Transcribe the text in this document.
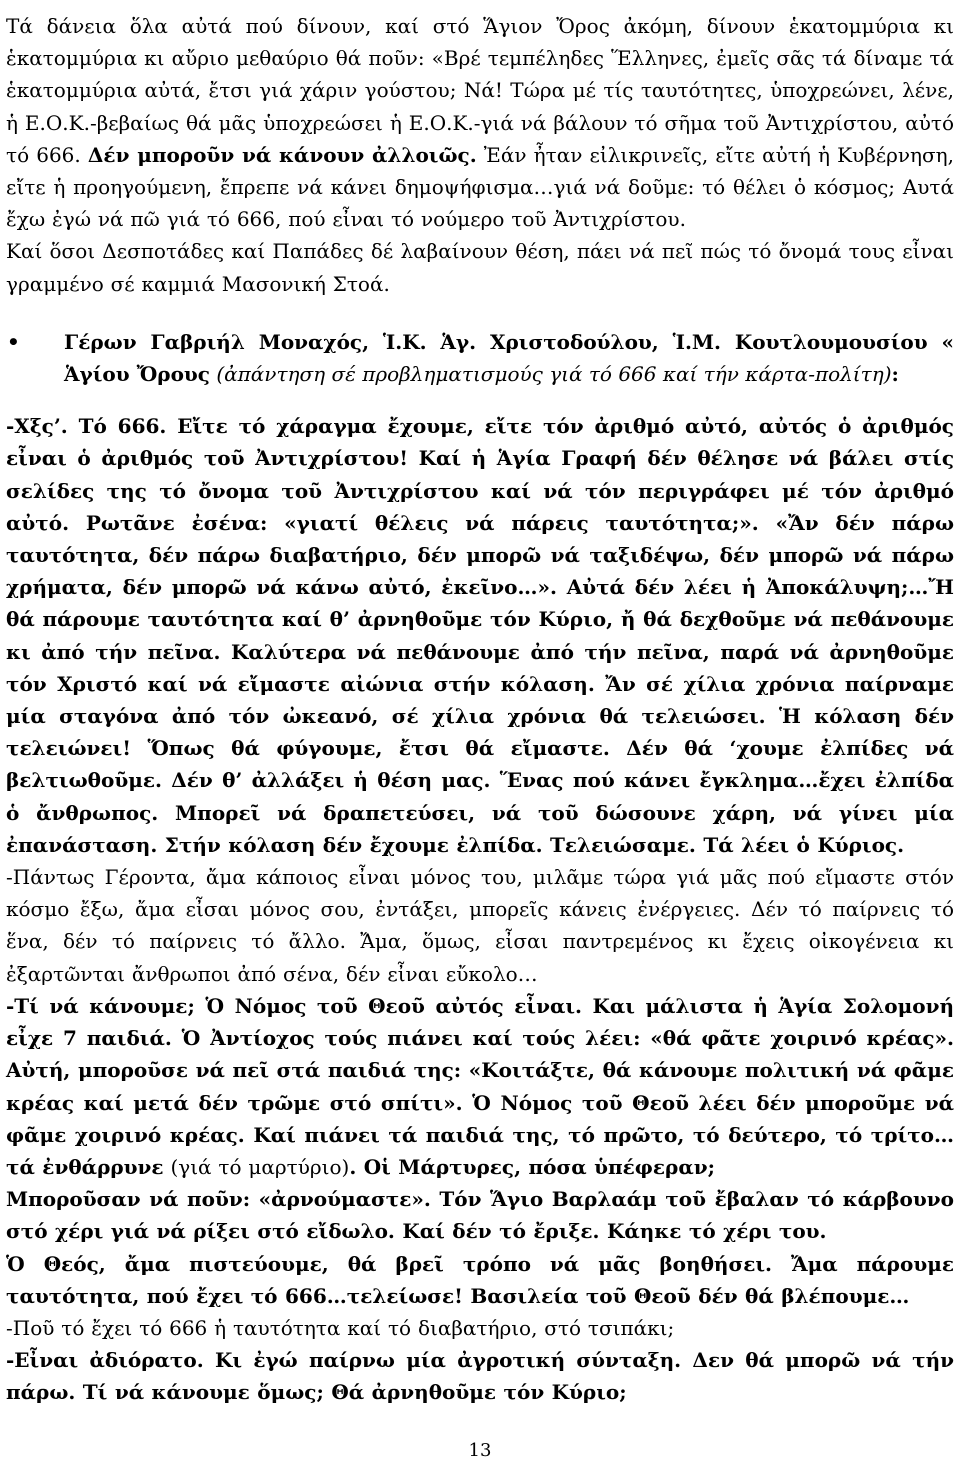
Τά δάνεια ὅλα αὐτά πού δίνουν, καί στό Ἅγιον Ὄρος ἀκόμη, δίνουν ἑκατομμύρια κι ἑκατομμύρια κι αὔριο μεθαύριο θά ποῦν: «Βρέ τεμπέληδες Ἕλληνες, ἐμεῖς σᾶς τά δίναμε τά ἑκατομμύρια αὐτά, ἔτσι γιά χάριν γούστου; Νά! Τώρα μέ τίς ταυτότητες, ὑποχρεώνει, λένε, ἡ Ε.Ο.Κ.-βεβαίως θά μᾶς ὑποχρεώσει ἡ Ε.Ο.Κ.-γιά νά βάλουν τό σῆμα τοῦ Ἀντιχρίστου, αὐτό τό 666. Δέν μποροῦν νά κάνουν ἀλλοιῶς. Ἐάν ἦταν εἰλικρινεῖς, εἴτε αὐτή ἡ Κυβέρνηση, εἴτε ἡ προηγούμενη, ἔπρεπε νά κάνει δημοψήφισμα…γιά νά δοῦμε: τό θέλει ὁ κόσμος; Αυτά ἔχω ἐγώ νά πῶ γιά τό 666, πού εἶναι τό νούμερο τοῦ Ἀντιχρίστου.

Καί ὅσοι Δεσποτάδες καί Παπάδες δέ λαβαίνουν θέση, πάει νά πεῖ πώς τό ὄνομά τους εἶναι γραμμένο σέ καμμιά Μασονική Στοά.

•	Γέρων Γαβριήλ Μοναχός, Ἱ.Κ. Ἁγ. Χριστοδούλου, Ἱ.Μ. Κουτλουμουσίου « Ἁγίου Ὄρους (ἀπάντηση σέ προβληματισμούς γιά τό 666 καί τήν κάρτα-πολίτη):

-Χξς’. Τό 666. Εἴτε τό χάραγμα ἔχουμε, εἴτε τόν ἀριθμό αὐτό, αὐτός ὁ ἀριθμός εἶναι ὁ ἀριθμός τοῦ Ἀντιχρίστου! Καί ἡ Ἁγία Γραφή δέν θέλησε νά βάλει στίς σελίδες της τό ὄνομα τοῦ Ἀντιχρίστου καί νά τόν περιγράφει μέ τόν ἀριθμό αὐτό. Ρωτᾶνε ἐσένα: «γιατί θέλεις νά πάρεις ταυτότητα;». «Ἄν δέν πάρω ταυτότητα, δέν πάρω διαβατήριο, δέν μπορῶ νά ταξιδέψω, δέν μπορῶ νά πάρω χρήματα, δέν μπορῶ νά κάνω αὐτό, ἐκεῖνο…». Αὐτά δέν λέει ἡ Ἀποκάλυψη;…Ἤ θά πάρουμε ταυτότητα καί θ’ ἀρνηθοῦμε τόν Κύριο, ἤ θά δεχθοῦμε νά πεθάνουμε κι ἀπό τήν πεῖνα. Καλύτερα νά πεθάνουμε ἀπό τήν πεῖνα, παρά νά ἀρνηθοῦμε τόν Χριστό καί νά εἴμαστε αἰώνια στήν κόλαση. Ἄν σέ χίλια χρόνια παίρναμε μία σταγόνα ἀπό τόν ὠκεανό, σέ χίλια χρόνια θά τελειώσει. Ἡ κόλαση δέν τελειώνει! Ὅπως θά φύγουμε, ἔτσι θά εἴμαστε. Δέν θά ‘χουμε ἐλπίδες νά βελτιωθοῦμε. Δέν θ’ ἀλλάξει ἡ θέση μας. Ἕνας πού κάνει ἔγκλημα…ἔχει ἐλπίδα ὁ ἄνθρωπος. Μπορεῖ νά δραπετεύσει, νά τοῦ δώσουνε χάρη, νά γίνει μία ἐπανάσταση. Στήν κόλαση δέν ἔχουμε ἐλπίδα. Τελειώσαμε. Τά λέει ὁ Κύριος.

-Πάντως Γέροντα, ἄμα κάποιος εἶναι μόνος του, μιλᾶμε τώρα γιά μᾶς πού εἴμαστε στόν κόσμο ἔξω, ἄμα εἶσαι μόνος σου, ἐντάξει, μπορεῖς κάνεις ἐνέργειες. Δέν τό παίρνεις τό ἕνα, δέν τό παίρνεις τό ἄλλο. Ἄμα, ὅμως, εἶσαι παντρεμένος κι ἔχεις οἰκογένεια κι ἐξαρτῶνται ἄνθρωποι ἀπό σένα, δέν εἶναι εὔκολο…

-Τί νά κάνουμε; Ὁ Νόμος τοῦ Θεοῦ αὐτός εἶναι. Και μάλιστα ἡ Ἁγία Σολομονή εἶχε 7 παιδιά. Ὁ Ἀντίοχος τούς πιάνει καί τούς λέει: «θά φᾶτε χοιρινό κρέας». Αὐτή, μποροῦσε νά πεῖ στά παιδιά της: «Κοιτάξτε, θά κάνουμε πολιτική νά φᾶμε κρέας καί μετά δέν τρῶμε στό σπίτι». Ὁ Νόμος τοῦ Θεοῦ λέει δέν μποροῦμε νά φᾶμε χοιρινό κρέας. Καί πιάνει τά παιδιά της, τό πρῶτο, τό δεύτερο, τό τρίτο…τά ἐνθάρρυνε (γιά τό μαρτύριο). Οἱ Μάρτυρες, πόσα ὑπέφεραν;

Μποροῦσαν νά ποῦν: «ἀρνούμαστε». Τόν Ἅγιο Βαρλαάμ τοῦ ἔβαλαν τό κάρβουνο στό χέρι γιά νά ρίξει στό εἴδωλο. Καί δέν τό ἔριξε. Κάηκε τό χέρι του.

Ὁ Θεός, ἄμα πιστεύουμε, θά βρεῖ τρόπο νά μᾶς βοηθήσει. Ἄμα πάρουμε ταυτότητα, πού ἔχει τό 666…τελείωσε! Βασιλεία τοῦ Θεοῦ δέν θά βλέπουμε…

-Ποῦ τό ἔχει τό 666 ἡ ταυτότητα καί τό διαβατήριο, στό τσιπάκι;

-Εἶναι ἀδιόρατο. Κι ἐγώ παίρνω μία ἀγροτική σύνταξη. Δεν θά μπορῶ νά τήν πάρω. Τί νά κάνουμε ὅμως; Θά ἀρνηθοῦμε τόν Κύριο;

13
